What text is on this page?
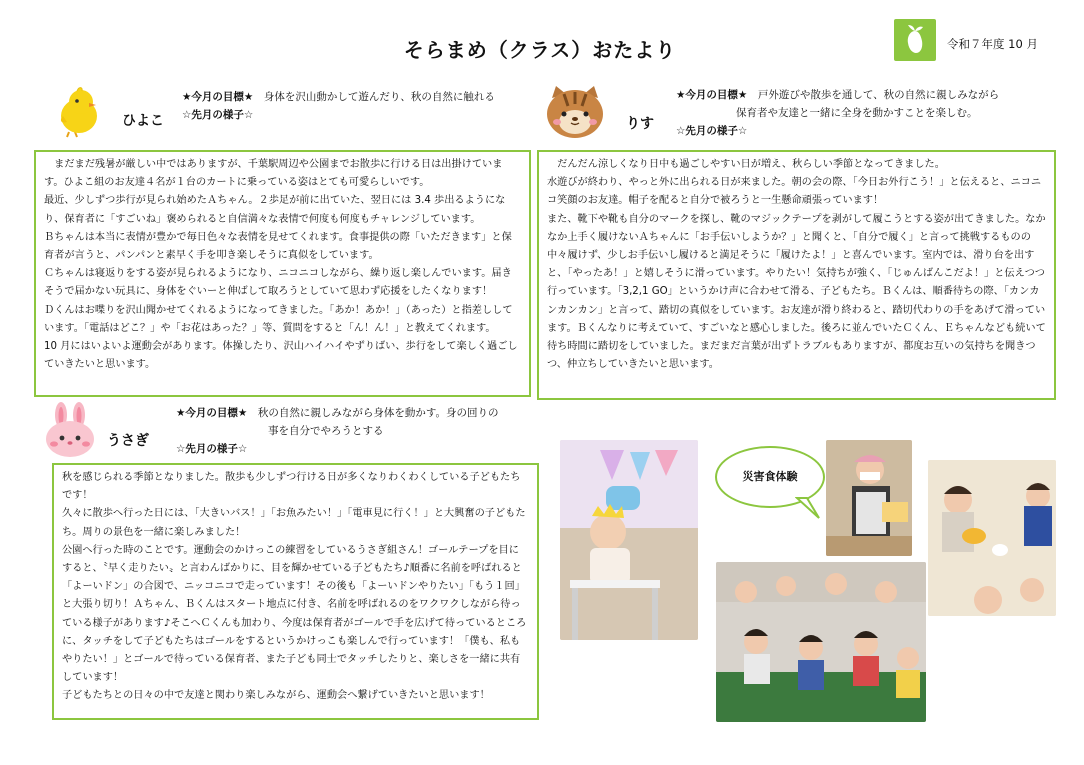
そらまめ（クラス）おたより	令和７年度 10 月
ひよこ
★今月の目標★　 身体を沢山動かして遊んだり、秋の自然に触れる
☆先月の様子☆

　まだまだ残暑が厳しい中ではありますが、千葉駅周辺や公園までお散歩に行ける日は出掛けています。ひよこ組のお友達４名が１台のカートに乗っている姿はとても可愛らしいです。

最近、少しずつ歩行が見られ始めたＡちゃん。２歩足が前に出ていた、翌日には 3.4 歩出るようになり、保育者に「すごいね」褒められると自信満々な表情で何度も何度もチャレンジしています。

Ｂちゃんは本当に表情が豊かで毎日色々な表情を見せてくれます。食事提供の際「いただきます」と保育者が言うと、パンパンと素早く手を叩き楽しそうに真似をしています。

Ｃちゃんは寝返りをする姿が見られるようになり、ニコニコしながら、繰り返し楽しんでいます。届きそうで届かない玩具に、身体をぐいーと伸ばして取ろうとしていて思わず応援をしたくなります！

Ｄくんはお喋りを沢山聞かせてくれるようになってきました。「あか！あか！」（あった）と指差ししています。「電話はどこ？」や「お花はあった？」等、質問をすると「ん！ん！」と教えてくれます。

10 月にはいよいよ運動会があります。体操したり、沢山ハイハイやずりばい、歩行をして楽しく過ごしていきたいと思います。

りす
★今月の目標★　 戸外遊びや散歩を通して、秋の自然に親しみながら
保育者や友達と一緒に全身を動かすことを楽しむ。
☆先月の様子☆

　だんだん涼しくなり日中も過ごしやすい日が増え、秋らしい季節となってきました。

水遊びが終わり、やっと外に出られる日が来ました。朝の会の際、「今日お外行こう！」と伝えると、ニコニコ笑顔のお友達。帽子を配ると自分で被ろうと一生懸命頑張っています！

また、靴下や靴も自分のマークを探し、靴のマジックテープを剥がして履こうとする姿が出てきました。なかなか上手く履けないＡちゃんに「お手伝いしようか？」と聞くと、「自分で履く」と言って挑戦するものの中々履けず、少しお手伝いし履けると満足そうに「履けたよ！」と喜んでいます。室内では、滑り台を出すと、「やったあ！」と嬉しそうに滑っています。やりたい！気持ちが強く、「じゅんばんこだよ！」と伝えつつ行っています。「3,2,1 GO」というかけ声に合わせて滑る、子どもたち。Ｂくんは、順番待ちの際、「カンカンカンカン」と言って、踏切の真似をしています。お友達が滑り終わると、踏切代わりの手をあげて滑っています。Ｂくんなりに考えていて、すごいなと感心しました。後ろに並んでいたＣくん、Ｅちゃんなども続いて待ち時間に踏切をしていました。まだまだ言葉が出ずトラブルもありますが、都度お互いの気持ちを聞きつつ、仲立ちしていきたいと思います。

うさぎ
★今月の目標★　 秋の自然に親しみながら身体を動かす。身の回りの
事を自分でやろうとする
☆先月の様子☆

秋を感じられる季節となりました。散歩も少しずつ行ける日が多くなりわくわくしている子どもたちです！

久々に散歩へ行った日には、「大きいバス！」「お魚みたい！」「電車見に行く！」と大興奮の子どもたち。周りの景色を一緒に楽しみました！

公園へ行った時のことです。運動会のかけっこの練習をしているうさぎ組さん！ゴールテープを目にすると、〝早く走りたい〟と言わんばかりに、目を輝かせている子どもたち♪順番に名前を呼ばれると「よーいドン」の合図で、ニッコニコで走っています！その後も「よーいドンやりたい」「もう１回」と大張り切り！Ａちゃん、Ｂくんはスタート地点に付き、名前を呼ばれるのをワクワクしながら待っている様子があります♪そこへＣくんも加わり、今度は保育者がゴールで手を広げて待っているところに、タッチをして子どもたちはゴールをするというかけっこも楽しんで行っています！「僕も、私もやりたい！」とゴールで待っている保育者、また子ども同士でタッチしたりと、楽しさを一緒に共有しています！

子どもたちとの日々の中で友達と関わり楽しみながら、運動会へ繋げていきたいと思います！

災害食体験
